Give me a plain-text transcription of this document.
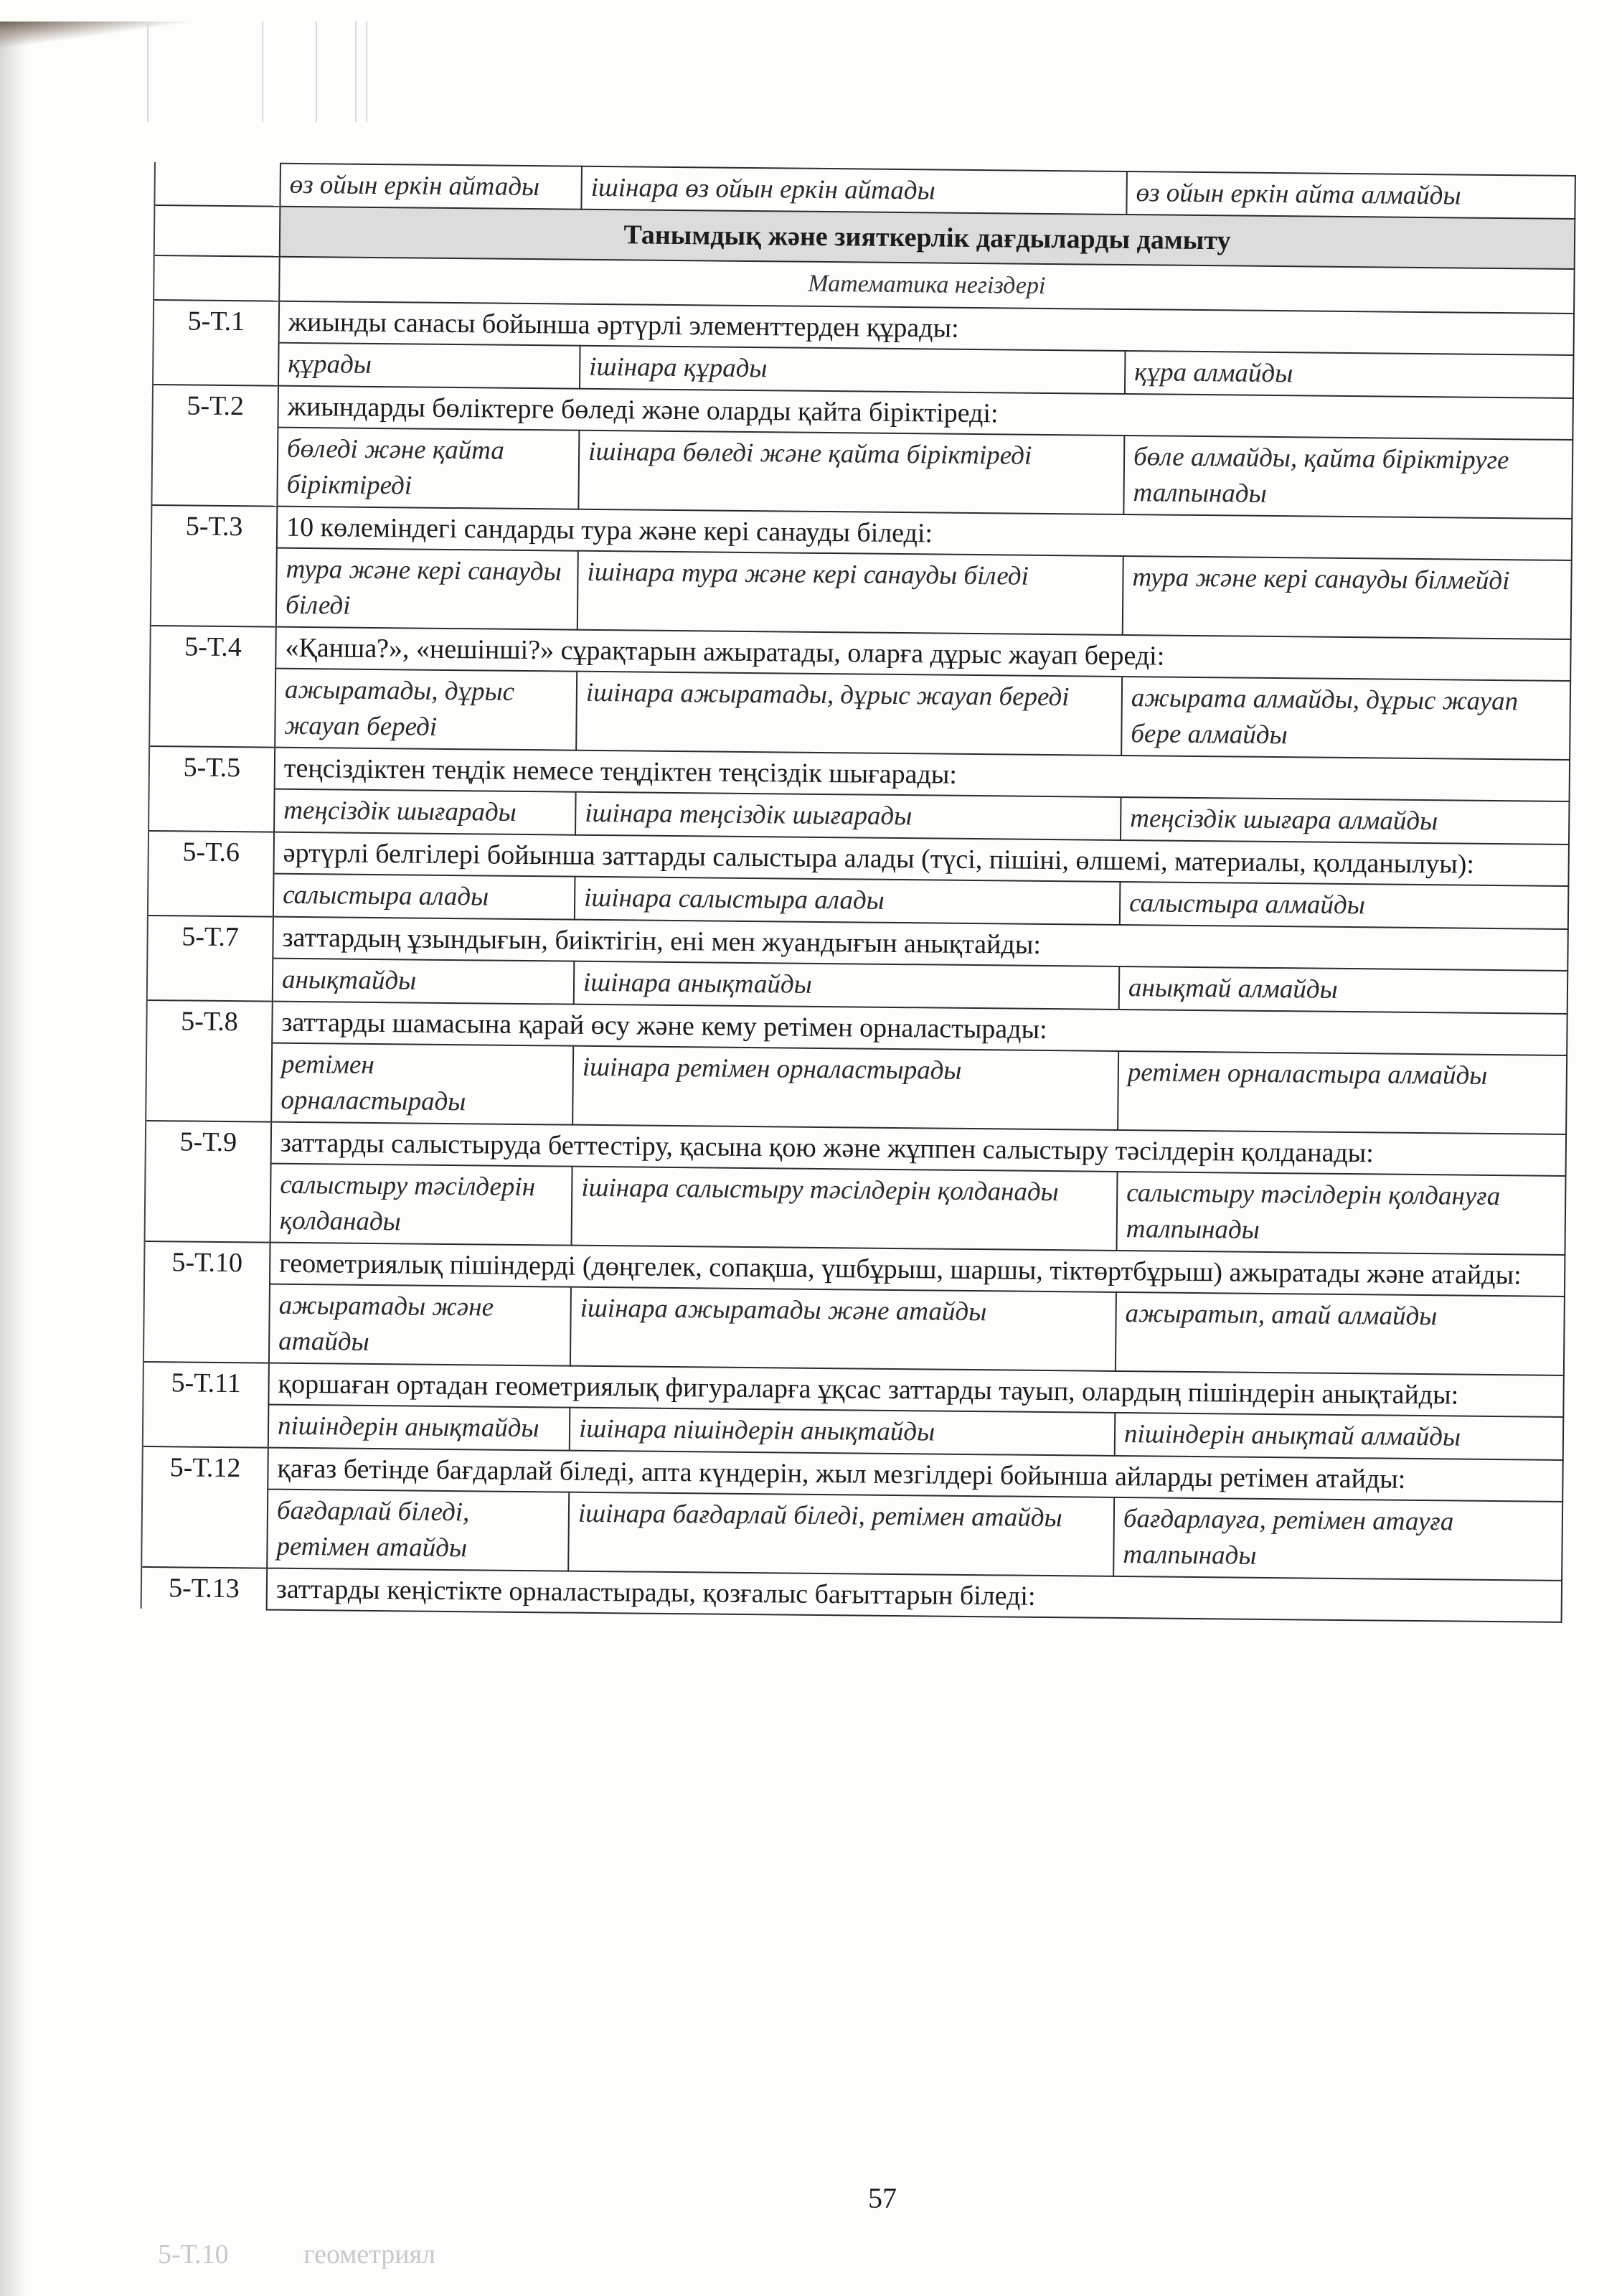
	өз ойын еркін айтады	ішінара өз ойын еркін айтады	өз ойын еркін айта алмайды
	Танымдық және зияткерлік дағдыларды дамыту		
	Математика негіздері		
5-Т.1	жиынды санасы бойынша әртүрлі элементтерден құрады:		
	құрады	ішінара құрады	құра алмайды
5-Т.2	жиындарды бөліктерге бөледі және оларды қайта біріктіреді:		
	бөледі және қайта біріктіреді	ішінара бөледі және қайта біріктіреді	бөле алмайды, қайта біріктіруге талпынады
5-Т.3	10 көлеміндегі сандарды тура және кері санауды біледі:		
	тура және кері санауды біледі	ішінара тура және кері санауды біледі	тура және кері санауды білмейді
5-Т.4	«Қанша?», «нешінші?» сұрақтарын ажыратады, оларға дұрыс жауап береді:		
	ажыратады, дұрыс жауап береді	ішінара ажыратады, дұрыс жауап береді	ажырата алмайды, дұрыс жауап бере алмайды
5-Т.5	теңсіздіктен теңдік немесе теңдіктен теңсіздік шығарады:		
	теңсіздік шығарады	ішінара теңсіздік шығарады	теңсіздік шығара алмайды
5-Т.6	әртүрлі белгілері бойынша заттарды салыстыра алады (түсі, пішіні, өлшемі, материалы, қолданылуы):		
	салыстыра алады	ішінара салыстыра алады	салыстыра алмайды
5-Т.7	заттардың ұзындығын, биіктігін, ені мен жуандығын анықтайды:		
	анықтайды	ішінара анықтайды	анықтай алмайды
5-Т.8	заттарды шамасына қарай өсу және кему ретімен орналастырады:		
	ретімен орналастырады	ішінара ретімен орналастырады	ретімен орналастыра алмайды
5-Т.9	заттарды салыстыруда беттестіру, қасына қою және жұппен салыстыру тәсілдерін қолданады:		
	салыстыру тәсілдерін қолданады	ішінара салыстыру тәсілдерін қолданады	салыстыру тәсілдерін қолдануға талпынады
5-Т.10	геометриялық пішіндерді (дөңгелек, сопақша, үшбұрыш, шаршы, тіктөртбұрыш) ажыратады және атайды:		
	ажыратады және атайды	ішінара ажыратады және атайды	ажыратып, атай алмайды
5-Т.11	қоршаған ортадан геометриялық фигураларға ұқсас заттарды тауып, олардың пішіндерін анықтайды:		
	пішіндерін анықтайды	ішінара пішіндерін анықтайды	пішіндерін анықтай алмайды
5-Т.12	қағаз бетінде бағдарлай біледі, апта күндерін, жыл мезгілдері бойынша айларды ретімен атайды:		
	бағдарлай біледі, ретімен атайды	ішінара бағдарлай біледі, ретімен атайды	бағдарлауға, ретімен атауға талпынады
5-Т.13	заттарды кеңістікте орналастырады, қозғалыс бағыттарын біледі:		
57
5-Т.10	геометриял
